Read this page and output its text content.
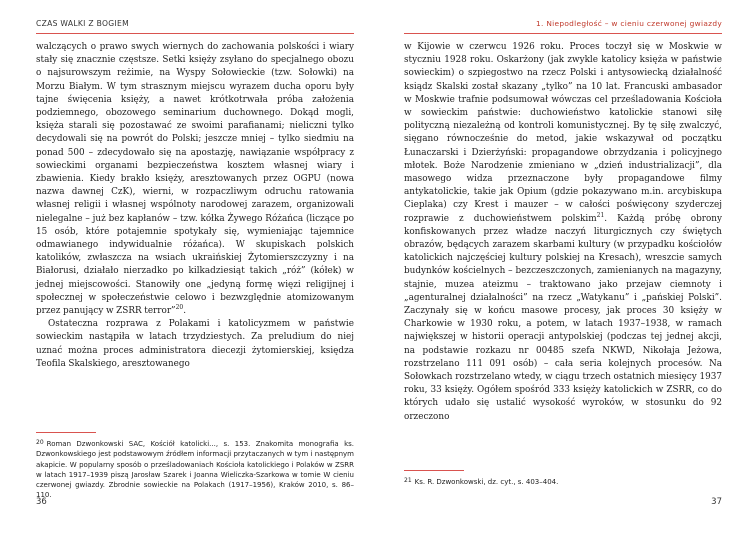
CZAS WALKI Z BOGIEM

walczących o prawo swych wiernych do zachowania polskości i wiary stały się znacznie częstsze. Setki księży zsyłano do specjalnego obozu o najsurowszym reżimie, na Wyspy Sołowieckie (tzw. Sołowki) na Morzu Białym. W tym strasznym miejscu wyrazem ducha oporu były tajne święcenia księży, a nawet krótkotrwała próba założenia podziemnego, obozowego seminarium duchownego. Dokąd mogli, księża starali się pozostawać ze swoimi parafianami; nieliczni tylko decydowali się na powrót do Polski; jeszcze mniej – tylko siedmiu na ponad 500 – zdecydowało się na apostazję, nawiązanie współpracy z sowieckimi organami bezpieczeństwa kosztem własnej wiary i zbawienia. Kiedy brakło księży, aresztowanych przez OGPU (nowa nazwa dawnej CzK), wierni, w rozpaczliwym odruchu ratowania własnej religii i własnej wspólnoty narodowej zarazem, organizowali nielegalne – już bez kapłanów – tzw. kółka Żywego Różańca (liczące po 15 osób, które potajemnie spotykały się, wymieniając tajemnice odmawianego indywidualnie różańca). W skupiskach polskich katolików, zwłaszcza na wsiach ukraińskiej Żytomierszczyzny i na Białorusi, działało nierzadko po kilkadziesiąt takich „róż” (kółek) w jednej miejscowości. Stanowiły one „jedyną formę więzi religijnej i społecznej w społeczeństwie celowo i bezwzględnie atomizowanym przez panujący w ZSRR terror”$^{20}$.

Ostateczna rozprawa z Polakami i katolicyzmem w państwie sowieckim nastąpiła w latach trzydziestych. Za preludium do niej uznać można proces administratora diecezji żytomierskiej, księdza Teofila Skalskiego, aresztowanego

20 Roman Dzwonkowski SAC, Kościół katolicki..., s. 153. Znakomita monografia ks. Dzwonkowskiego jest podstawowym źródłem informacji przytaczanych w tym i następnym akapicie. W popularny sposób o prześladowaniach Kościoła katolickiego i Polaków w ZSRR w latach 1917–1939 piszą Jarosław Szarek i Joanna Wieliczka-Szarkowa w tomie W cieniu czerwonej gwiazdy. Zbrodnie sowieckie na Polakach (1917–1956), Kraków 2010, s. 86–110.

36
1. Niepodległość – w cieniu czerwonej gwiazdy

w Kijowie w czerwcu 1926 roku. Proces toczył się w Moskwie w styczniu 1928 roku. Oskarżony (jak zwykle katolicy księża w państwie sowieckim) o szpiegostwo na rzecz Polski i antysowiecką działalność ksiądz Skalski został skazany „tylko” na 10 lat. Francuski ambasador w Moskwie trafnie podsumował wówczas cel prześladowania Kościoła w sowieckim państwie: duchowieństwo katolickie stanowi siłę polityczną niezależną od kontroli komunistycznej. By tę siłę zwalczyć, sięgano równocześnie do metod, jakie wskazywał od początku Łunaczarski i Dzierżyński: propagandowe obrzydzania i policyjnego młotek. Boże Narodzenie zmieniano w „dzień industrializacji”, dla masowego widza przeznaczone były propagandowe filmy antykatolickie, takie jak Opium (gdzie pokazywano m.in. arcybiskupa Cieplaka) czy Krest i mauzer – w całości poświęcony szyderczej rozprawie z duchowieństwem polskim$^{21}$. Każdą próbę obrony konfiskowanych przez władze naczyń liturgicznych czy świętych obrazów, będących zarazem skarbami kultury (w przypadku kościołów katolickich najczęściej kultury polskiej na Kresach), wreszcie samych budynków kościelnych – bezczeszczonych, zamienianych na magazyny, stajnie, muzea ateizmu – traktowano jako przejaw ciemnoty i „agenturalnej działalności” na rzecz „Watykanu” i „pańskiej Polski”. Zaczynały się w końcu masowe procesy, jak proces 30 księży w Charkowie w 1930 roku, a potem, w latach 1937–1938, w ramach największej w historii operacji antypolskiej (podczas tej jednej akcji, na podstawie rozkazu nr 00485 szefa NKWD, Nikołaja Jeżowa, rozstrzelano 111 091 osób) – cała seria kolejnych procesów. Na Sołowkach rozstrzelano wtedy, w ciągu trzech ostatnich miesięcy 1937 roku, 33 księży. Ogółem spośród 333 księży katolickich w ZSRR, co do których udało się ustalić wysokość wyroków, w stosunku do 92 orzeczono

21 Ks. R. Dzwonkowski, dz. cyt., s. 403–404.

37
